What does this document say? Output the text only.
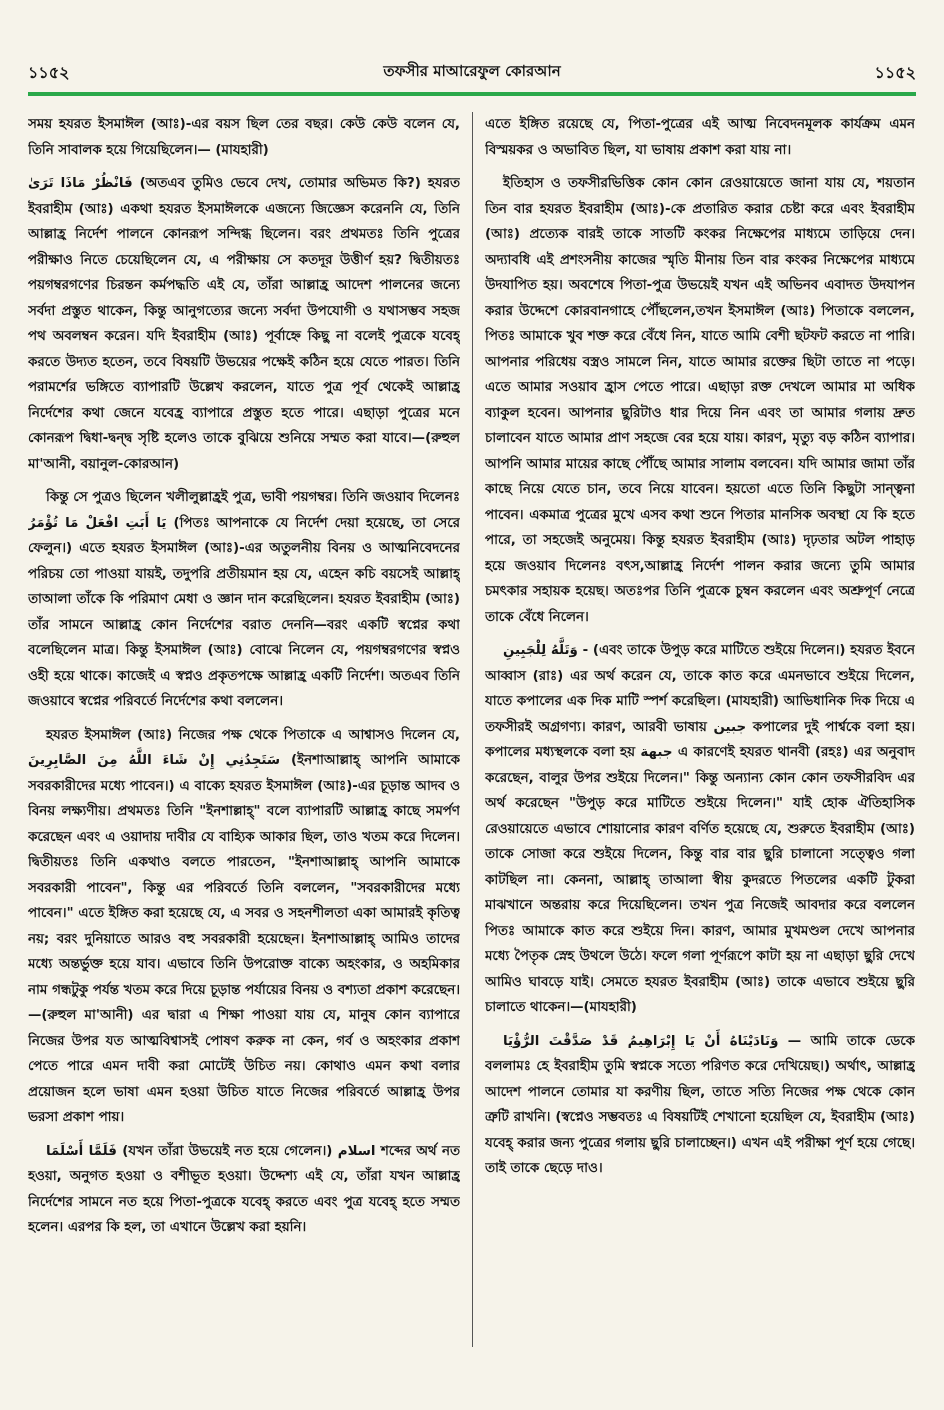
১১৫২	তফসীর মাআরেফুল কোরআন	১১৫২

সময় হযরত ইসমাঈল (আঃ)-এর বয়স ছিল তের বছর। কেউ কেউ বলেন যে, তিনি সাবালক হয়ে গিয়েছিলেন।— (মাযহারী)

فَانْظُرْ مَاذَا تَرَىٰ (অতএব তুমিও ভেবে দেখ, তোমার অভিমত কি?) হযরত ইবরাহীম (আঃ) একথা হযরত ইসমাঈলকে এজন্যে জিজ্ঞেস করেননি যে, তিনি আল্লাহ্র নির্দেশ পালনে কোনরূপ সন্দিগ্ধ ছিলেন। বরং প্রথমতঃ তিনি পুত্রের পরীক্ষাও নিতে চেয়েছিলেন যে, এ পরীক্ষায় সে কতদূর উত্তীর্ণ হয়? দ্বিতীয়তঃ পয়গম্বরগণের চিরন্তন কর্মপদ্ধতি এই যে, তাঁরা আল্লাহ্র আদেশ পালনের জন্যে সর্বদা প্রস্তুত থাকেন, কিন্তু আনুগত্যের জন্যে সর্বদা উপযোগী ও যথাসম্ভব সহজ পথ অবলম্বন করেন। যদি ইবরাহীম (আঃ) পূর্বাহ্নে কিছু না বলেই পুত্রকে যবেহ্ করতে উদ্যত হতেন, তবে বিষয়টি উভয়ের পক্ষেই কঠিন হয়ে যেতে পারত। তিনি পরামর্শের ভঙ্গিতে ব্যাপারটি উল্লেখ করলেন, যাতে পুত্র পূর্ব থেকেই আল্লাহ্র নির্দেশের কথা জেনে যবেহ্র ব্যাপারে প্রস্তুত হতে পারে। এছাড়া পুত্রের মনে কোনরূপ দ্বিধা-দ্বন্দ্ব সৃষ্টি হলেও তাকে বুঝিয়ে শুনিয়ে সম্মত করা যাবে।—(রুহুল মা'আনী, বয়ানুল-কোরআন)

কিন্তু সে পুত্রও ছিলেন খলীলুল্লাহ্রই পুত্র, ভাবী পয়গম্বর। তিনি জওয়াব দিলেনঃ يَا أَبَتِ افْعَلْ مَا تُؤْمَرُ (পিতঃ আপনাকে যে নির্দেশ দেয়া হয়েছে, তা সেরে ফেলুন।) এতে হযরত ইসমাঈল (আঃ)-এর অতুলনীয় বিনয় ও আত্মনিবেদনের পরিচয় তো পাওয়া যায়ই, তদুপরি প্রতীয়মান হয় যে, এহেন কচি বয়সেই আল্লাহ্ তাআলা তাঁকে কি পরিমাণ মেধা ও জ্ঞান দান করেছিলেন। হযরত ইবরাহীম (আঃ) তাঁর সামনে আল্লাহ্র কোন নির্দেশের বরাত দেননি—বরং একটি স্বপ্নের কথা বলেছিলেন মাত্র। কিন্তু ইসমাঈল (আঃ) বোঝে নিলেন যে, পয়গম্বরগণের স্বপ্নও ওহী হয়ে থাকে। কাজেই এ স্বপ্নও প্রকৃতপক্ষে আল্লাহ্র একটি নির্দেশ। অতএব তিনি জওয়াবে স্বপ্নের পরিবর্তে নির্দেশের কথা বললেন।

হযরত ইসমাঈল (আঃ) নিজের পক্ষ থেকে পিতাকে এ আশ্বাসও দিলেন যে, سَتَجِدُنِي إِنْ شَاءَ اللَّهُ مِنَ الصَّابِرِينَ (ইনশাআল্লাহ্ আপনি আমাকে সবরকারীদের মধ্যে পাবেন।) এ বাক্যে হযরত ইসমাঈল (আঃ)-এর চূড়ান্ত আদব ও বিনয় লক্ষ্যণীয়। প্রথমতঃ তিনি "ইনশাল্লাহ্" বলে ব্যাপারটি আল্লাহ্র কাছে সমর্পণ করেছেন এবং এ ওয়াদায় দাবীর যে বাহ্যিক আকার ছিল, তাও খতম করে দিলেন। দ্বিতীয়তঃ তিনি একথাও বলতে পারতেন, "ইনশাআল্লাহ্ আপনি আমাকে সবরকারী পাবেন", কিন্তু এর পরিবর্তে তিনি বললেন, "সবরকারীদের মধ্যে পাবেন।" এতে ইঙ্গিত করা হয়েছে যে, এ সবর ও সহনশীলতা একা আমারই কৃতিত্ব নয়; বরং দুনিয়াতে আরও বহু সবরকারী হয়েছেন। ইনশাআল্লাহ্ আমিও তাদের মধ্যে অন্তর্ভুক্ত হয়ে যাব। এভাবে তিনি উপরোক্ত বাক্যে অহংকার, ও অহমিকার নাম গন্ধটুকু পর্যন্ত খতম করে দিয়ে চূড়ান্ত পর্যায়ের বিনয় ও বশ্যতা প্রকাশ করেছেন।—(রুহুল মা'আনী) এর দ্বারা এ শিক্ষা পাওয়া যায় যে, মানুষ কোন ব্যাপারে নিজের উপর যত আত্মবিশ্বাসই পোষণ করুক না কেন, গর্ব ও অহংকার প্রকাশ পেতে পারে এমন দাবী করা মোটেই উচিত নয়। কোথাও এমন কথা বলার প্রয়োজন হলে ভাষা এমন হওয়া উচিত যাতে নিজের পরিবর্তে আল্লাহ্র উপর ভরসা প্রকাশ পায়।

فَلَمَّا أَسْلَمَا (যখন তাঁরা উভয়েই নত হয়ে গেলেন।) اسلام শব্দের অর্থ নত হওয়া, অনুগত হওয়া ও বশীভূত হওয়া। উদ্দেশ্য এই যে, তাঁরা যখন আল্লাহ্র নির্দেশের সামনে নত হয়ে পিতা-পুত্রকে যবেহ্ করতে এবং পুত্র যবেহ্ হতে সম্মত হলেন। এরপর কি হল, তা এখানে উল্লেখ করা হয়নি।

এতে ইঙ্গিত রয়েছে যে, পিতা-পুত্রের এই আত্ম নিবেদনমূলক কার্যক্রম এমন বিস্ময়কর ও অভাবিত ছিল, যা ভাষায় প্রকাশ করা যায় না।

ইতিহাস ও তফসীরভিত্তিক কোন কোন রেওয়ায়েতে জানা যায় যে, শয়তান তিন বার হযরত ইবরাহীম (আঃ)-কে প্রতারিত করার চেষ্টা করে এবং ইবরাহীম (আঃ) প্রত্যেক বারই তাকে সাতটি কংকর নিক্ষেপের মাধ্যমে তাড়িয়ে দেন। অদ্যাবধি এই প্রশংসনীয় কাজের স্মৃতি মীনায় তিন বার কংকর নিক্ষেপের মাধ্যমে উদযাপিত হয়। অবশেষে পিতা-পুত্র উভয়েই যখন এই অভিনব এবাদত উদযাপন করার উদ্দেশে কোরবানগাহে পৌঁছলেন,তখন ইসমাঈল (আঃ) পিতাকে বললেন, পিতঃ আমাকে খুব শক্ত করে বেঁধে নিন, যাতে আমি বেশী ছটফট করতে না পারি। আপনার পরিধেয় বস্ত্রও সামলে নিন, যাতে আমার রক্তের ছিটা তাতে না পড়ে। এতে আমার সওয়াব হ্রাস পেতে পারে। এছাড়া রক্ত দেখলে আমার মা অধিক ব্যাকুল হবেন। আপনার ছুরিটাও ধার দিয়ে নিন এবং তা আমার গলায় দ্রুত চালাবেন যাতে আমার প্রাণ সহজে বের হয়ে যায়। কারণ, মৃত্যু বড় কঠিন ব্যাপার। আপনি আমার মায়ের কাছে পৌঁছে আমার সালাম বলবেন। যদি আমার জামা তাঁর কাছে নিয়ে যেতে চান, তবে নিয়ে যাবেন। হয়তো এতে তিনি কিছুটা সান্ত্বনা পাবেন। একমাত্র পুত্রের মুখে এসব কথা শুনে পিতার মানসিক অবস্থা যে কি হতে পারে, তা সহজেই অনুমেয়। কিন্তু হযরত ইবরাহীম (আঃ) দৃঢ়তার অটল পাহাড় হয়ে জওয়াব দিলেনঃ বৎস,আল্লাহ্র নির্দেশ পালন করার জন্যে তুমি আমার চমৎকার সহায়ক হয়েছ। অতঃপর তিনি পুত্রকে চুম্বন করলেন এবং অশ্রুপূর্ণ নেত্রে তাকে বেঁধে নিলেন।

وَتَلَّهُ لِلْجَبِينِ - (এবং তাকে উপুড় করে মাটিতে শুইয়ে দিলেন।) হযরত ইবনে আব্বাস (রাঃ) এর অর্থ করেন যে, তাকে কাত করে এমনভাবে শুইয়ে দিলেন, যাতে কপালের এক দিক মাটি স্পর্শ করেছিল। (মাযহারী) আভিধানিক দিক দিয়ে এ তফসীরই অগ্রগণ্য। কারণ, আরবী ভাষায় جبين কপালের দুই পার্শ্বকে বলা হয়। কপালের মধ্যস্থলকে বলা হয় جبهة এ কারণেই হযরত থানবী (রহঃ) এর অনুবাদ করেছেন, বালুর উপর শুইয়ে দিলেন।" কিন্তু অন্যান্য কোন কোন তফসীরবিদ এর অর্থ করেছেন "উপুড় করে মাটিতে শুইয়ে দিলেন।" যাই হোক ঐতিহাসিক রেওয়ায়েতে এভাবে শোয়ানোর কারণ বর্ণিত হয়েছে যে, শুরুতে ইবরাহীম (আঃ) তাকে সোজা করে শুইয়ে দিলেন, কিন্তু বার বার ছুরি চালানো সত্ত্বেও গলা কাটছিল না। কেননা, আল্লাহ্ তাআলা স্বীয় কুদরতে পিতলের একটি টুকরা মাঝখানে অন্তরায় করে দিয়েছিলেন। তখন পুত্র নিজেই আবদার করে বললেন পিতঃ আমাকে কাত করে শুইয়ে দিন। কারণ, আমার মুখমণ্ডল দেখে আপনার মধ্যে পৈতৃক স্নেহ উথলে উঠে। ফলে গলা পূর্ণরূপে কাটা হয় না এছাড়া ছুরি দেখে আমিও ঘাবড়ে যাই। সেমতে হযরত ইবরাহীম (আঃ) তাকে এভাবে শুইয়ে ছুরি চালাতে থাকেন।—(মাযহারী)

وَنَادَيْنَاهُ أَنْ يَا إِبْرَاهِيمُ قَدْ صَدَّقْتَ الرُّؤْيَا — আমি তাকে ডেকে বললামঃ হে ইবরাহীম তুমি স্বপ্নকে সত্যে পরিণত করে দেখিয়েছ।) অর্থাৎ, আল্লাহ্র আদেশ পালনে তোমার যা করণীয় ছিল, তাতে সত্যি নিজের পক্ষ থেকে কোন ত্রুটি রাখনি। (স্বপ্নেও সম্ভবতঃ এ বিষয়টিই শেখানো হয়েছিল যে, ইবরাহীম (আঃ) যবেহ্ করার জন্য পুত্রের গলায় ছুরি চালাচ্ছেন।) এখন এই পরীক্ষা পূর্ণ হয়ে গেছে। তাই তাকে ছেড়ে দাও।
